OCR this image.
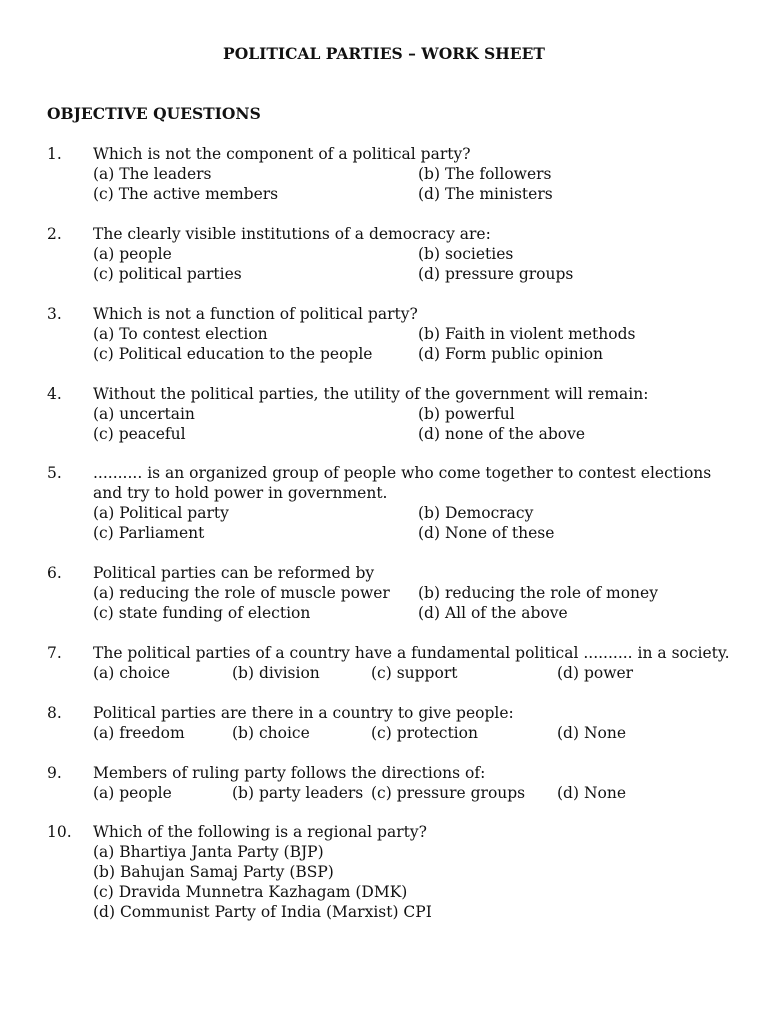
POLITICAL PARTIES – WORK SHEET
OBJECTIVE QUESTIONS
1. Which is not the component of a political party?
(a) The leaders	(b) The followers
(c) The active members	(d) The ministers
2. The clearly visible institutions of a democracy are:
(a) people	(b) societies
(c) political parties	(d) pressure groups
3. Which is not a function of political party?
(a) To contest election	(b) Faith in violent methods
(c) Political education to the people	(d) Form public opinion
4. Without the political parties, the utility of the government will remain:
(a) uncertain	(b) powerful
(c) peaceful	(d) none of the above
5. .......... is an organized group of people who come together to contest elections and try to hold power in government.
(a) Political party	(b) Democracy
(c) Parliament	(d) None of these
6. Political parties can be reformed by
(a) reducing the role of muscle power (b) reducing the role of money
(c) state funding of election	(d) All of the above
7. The political parties of a country have a fundamental political .......... in a society.
(a) choice	(b) division	(c) support	(d) power
8. Political parties are there in a country to give people:
(a) freedom	(b) choice	(c) protection	(d) None
9. Members of ruling party follows the directions of:
(a) people	(b) party leaders (c) pressure groups (d) None
10. Which of the following is a regional party?
(a) Bhartiya Janta Party (BJP)
(b) Bahujan Samaj Party (BSP)
(c) Dravida Munnetra Kazhagam (DMK)
(d) Communist Party of India (Marxist) CPI
